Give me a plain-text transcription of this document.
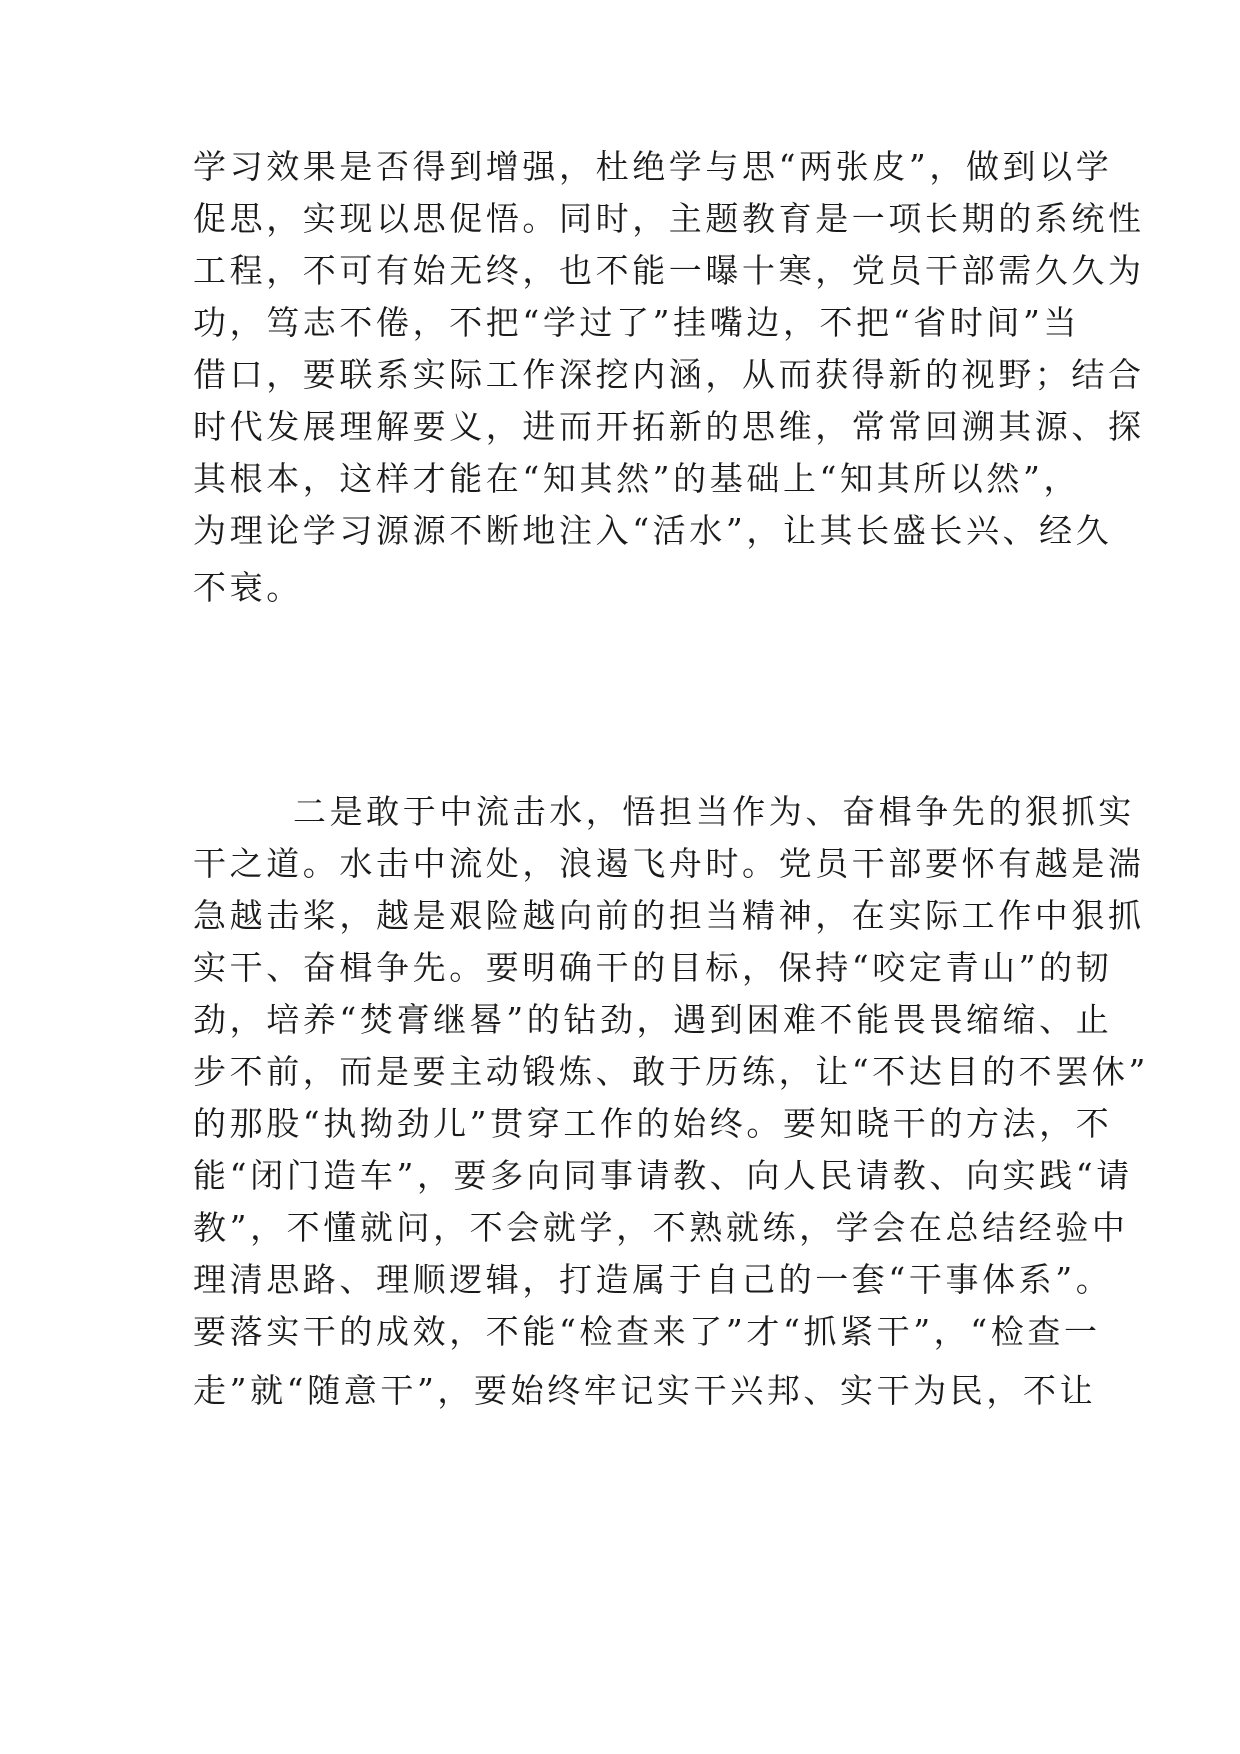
学习效果是否得到增强，杜绝学与思“两张皮”，做到以学
促思，实现以思促悟。同时，主题教育是一项长期的系统性
工程，不可有始无终，也不能一曝十寒，党员干部需久久为
功，笃志不倦，不把“学过了”挂嘴边，不把“省时间”当
借口，要联系实际工作深挖内涵，从而获得新的视野；结合
时代发展理解要义，进而开拓新的思维，常常回溯其源、探
其根本，这样才能在“知其然”的基础上“知其所以然”，
为理论学习源源不断地注入“活水”，让其长盛长兴、经久
不衰。
二是敢于中流击水，悟担当作为、奋楫争先的狠抓实
干之道。水击中流处，浪遏飞舟时。党员干部要怀有越是湍
急越击桨，越是艰险越向前的担当精神，在实际工作中狠抓
实干、奋楫争先。要明确干的目标，保持“咬定青山”的韧
劲，培养“焚膏继晷”的钻劲，遇到困难不能畏畏缩缩、止
步不前，而是要主动锻炼、敢于历练，让“不达目的不罢休”
的那股“执拗劲儿”贯穿工作的始终。要知晓干的方法，不
能“闭门造车”，要多向同事请教、向人民请教、向实践“请
教”，不懂就问，不会就学，不熟就练，学会在总结经验中
理清思路、理顺逻辑，打造属于自己的一套“干事体系”。
要落实干的成效，不能“检查来了”才“抓紧干”，“检查一
走”就“随意干”，要始终牢记实干兴邦、实干为民，不让
